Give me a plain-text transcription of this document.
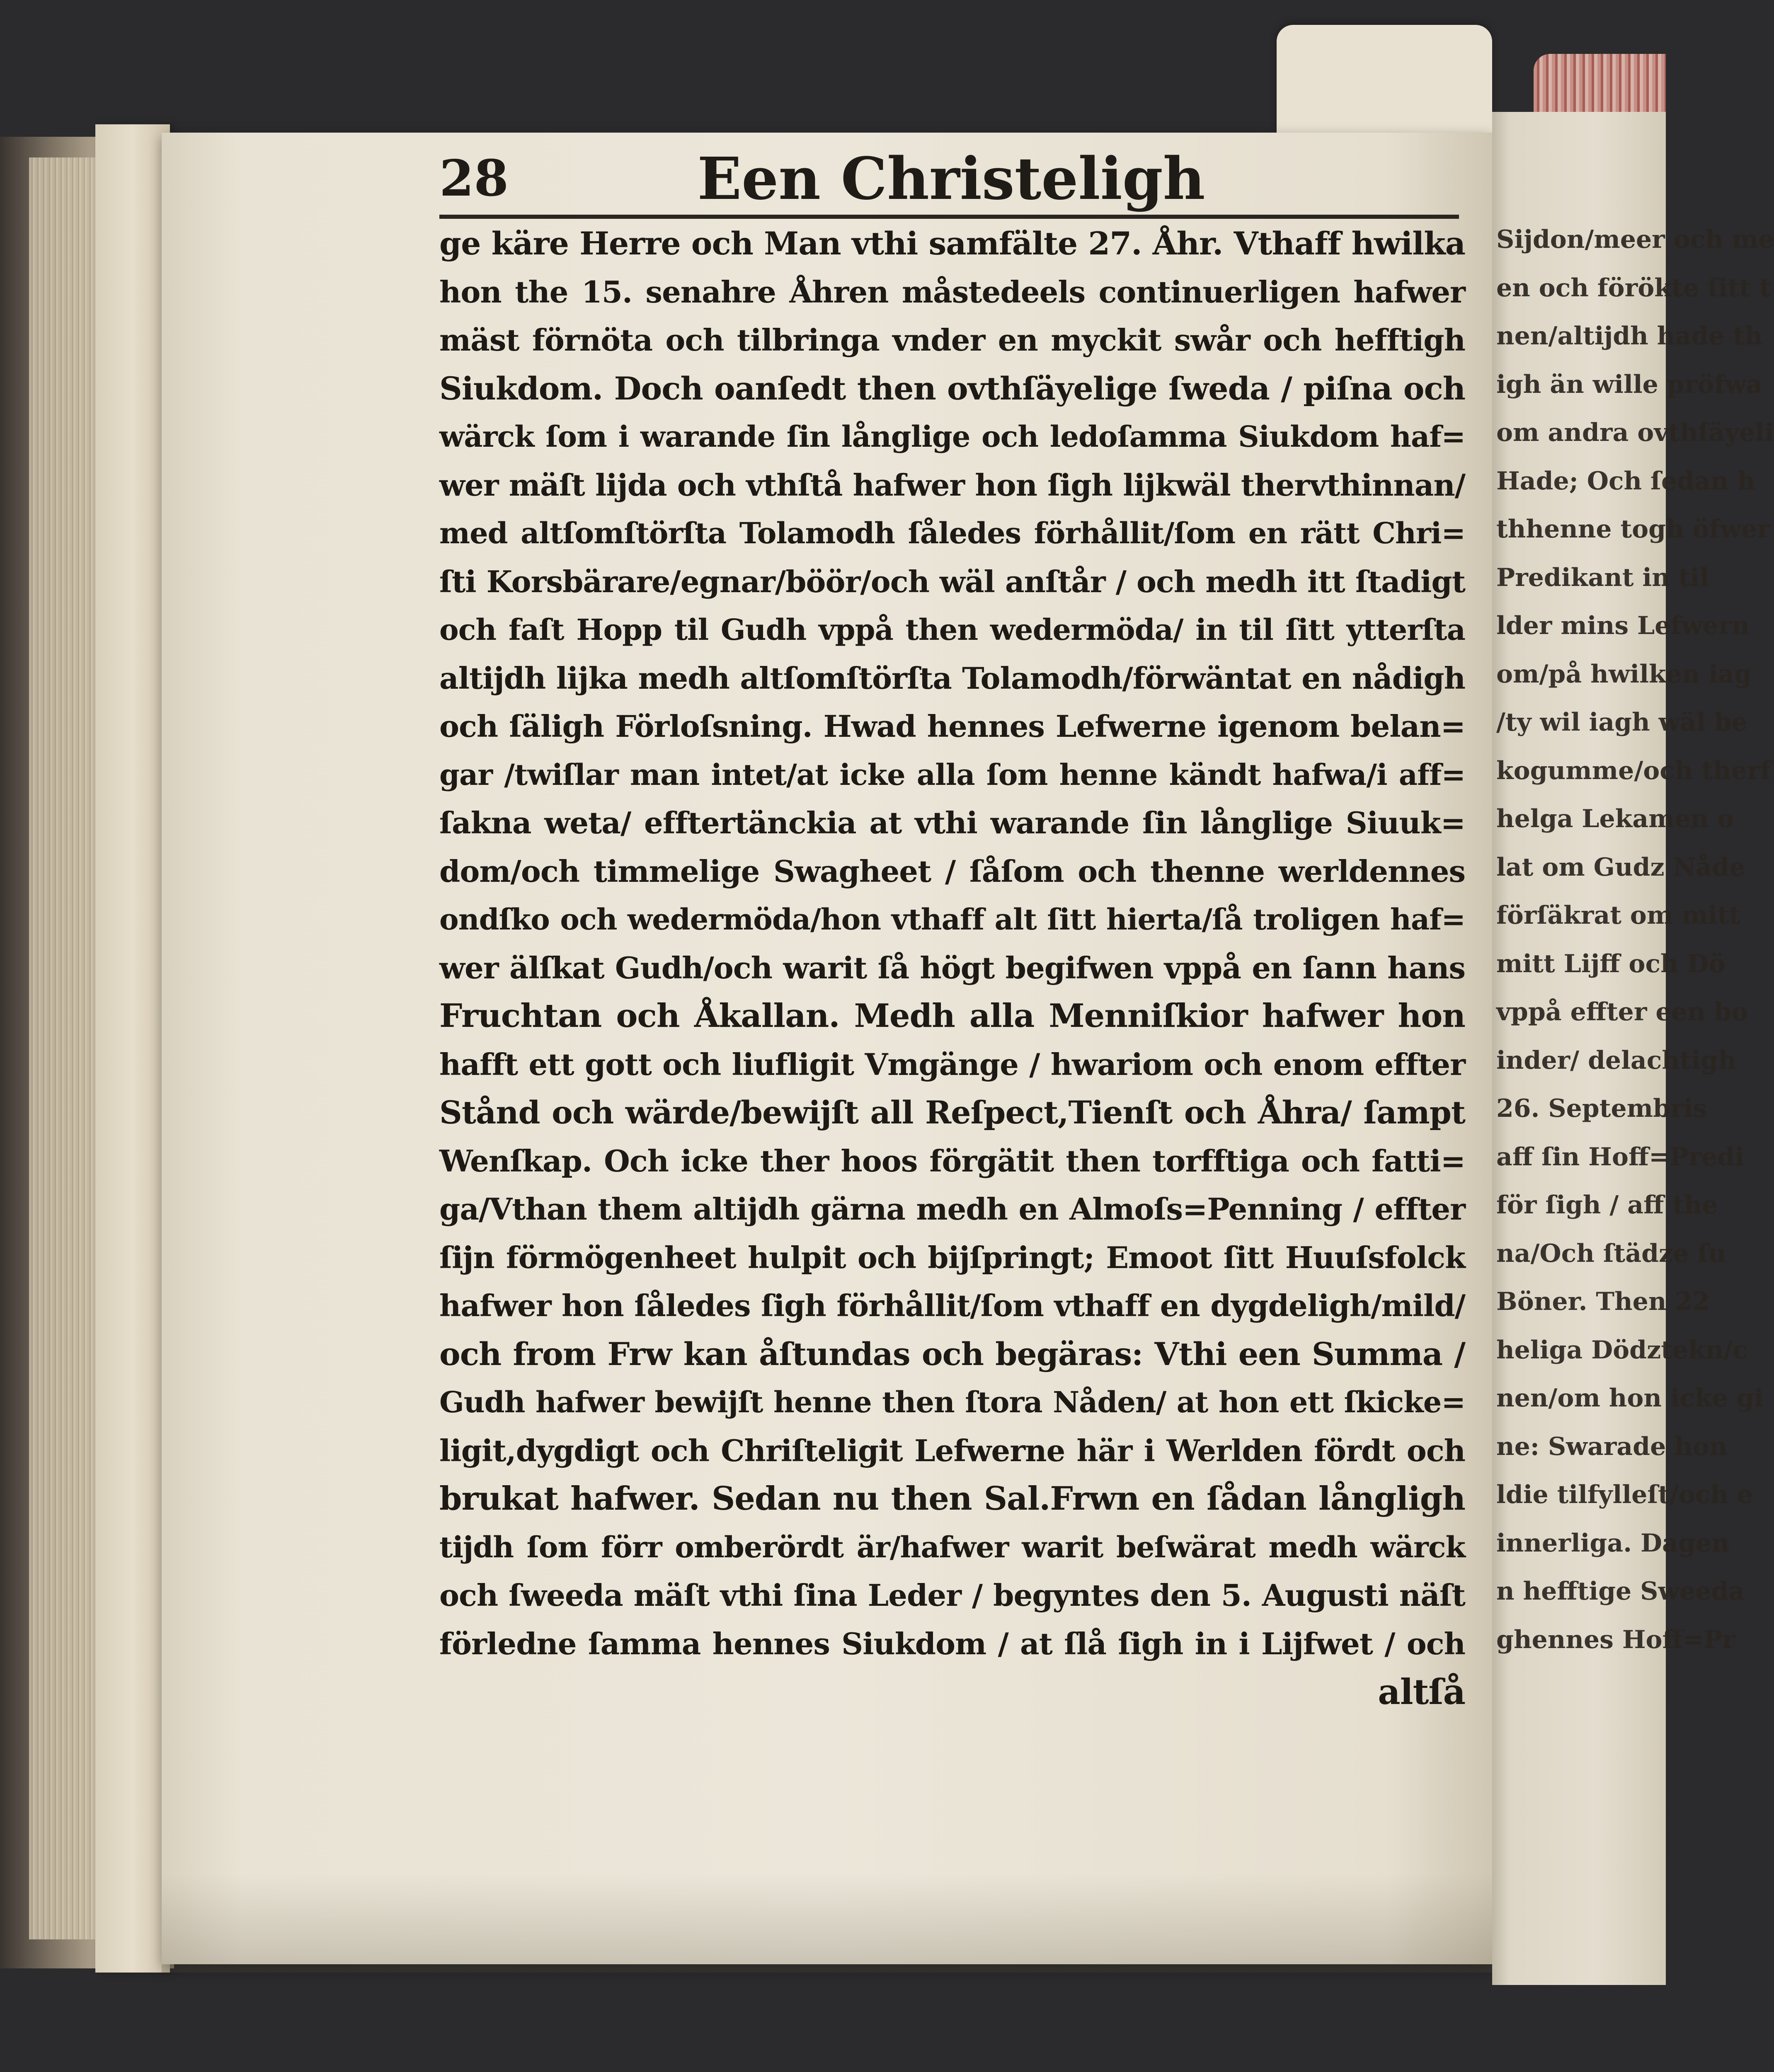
28	Een Christeligh
ge käre Herre och Man vthi samfälte 27. Åhr. Vthaff hwilka
hon the 15. senahre Åhren måstedeels continuerligen hafwer
mäst förnöta och tilbringa vnder en myckit swår och hefftigh
Siukdom. Doch oanſedt then ovthſäyelige ſweda / piſna och
wärck ſom i warande ſin långlige och ledoſamma Siukdom haf=
wer mäſt lijda och vthſtå hafwer hon ſigh lijkwäl thervthinnan/
med altſomſtörſta Tolamodh ſåledes förhållit/ſom en rätt Chri=
ſti Korsbärare/egnar/böör/och wäl anſtår / och medh itt ſtadigt
och faſt Hopp til Gudh vppå then wedermöda/ in til ſitt ytterſta
altijdh lijka medh altſomſtörſta Tolamodh/förwäntat en nådigh
och ſäligh Förloſsning. Hwad hennes Lefwerne igenom belan=
gar /twiſlar man intet/at icke alla ſom henne kändt hafwa/i aff=
ſakna weta/ efftertänckia at vthi warande ſin långlige Siuuk=
dom/och timmelige Swagheet / ſåſom och thenne werldennes
ondſko och wedermöda/hon vthaff alt ſitt hierta/ſå troligen haf=
wer älſkat Gudh/och warit ſå högt begifwen vppå en ſann hans
Fruchtan och Åkallan. Medh alla Menniſkior hafwer hon
hafft ett gott och liufligit Vmgänge / hwariom och enom effter
Stånd och wärde/bewijſt all Reſpect,Tienſt och Åhra/ ſampt
Wenſkap. Och icke ther hoos förgätit then torfftiga och fatti=
ga/Vthan them altijdh gärna medh en Almoſs=Penning / effter
ſijn förmögenheet hulpit och bijſpringt; Emoot ſitt Huuſsfolck
hafwer hon ſåledes ſigh förhållit/ſom vthaff en dygdeligh/mild/
och from Frw kan åſtundas och begäras: Vthi een Summa /
Gudh hafwer bewijſt henne then ſtora Nåden/ at hon ett ſkicke=
ligit,dygdigt och Chriſteligit Lefwerne här i Werlden fördt och
brukat hafwer. Sedan nu then Sal.Frwn en ſådan långligh
tijdh ſom förr omberördt är/hafwer warit beſwärat medh wärck
och ſweeda mäſt vthi ſina Leder / begyntes den 5. Augusti näſt
förledne ſamma hennes Siukdom / at ſlå ſigh in i Lijfwet / och
altſå
Sijdon/meer och me
en och förökte ſitt t
nen/altijdh hade th
igh än wille pröfwa
om andra ovthſäyeli
Hade; Och ſedan h
thhenne togh öfwer
Predikant in til
lder mins Lefwern
om/på hwilken iag
/ty wil iagh wäl be
kogumme/och therf
helga Lekamen o
lat om Gudz Nåde
förſäkrat om mitt
mitt Lijff och Dö
vppå effter een bo
inder/ delachtigh
26. Septembris
aff ſin Hoff=Predi
för ſigh / aff the
na/Och ſtädze ſu
Böner. Then 22
heliga Dödztekn/c
nen/om hon icke gi
ne: Swarade hon
ldie tilfylleſt/och e
innerliga. Dagen
n hefftige Sweeda
ghennes Hoff=Pr
